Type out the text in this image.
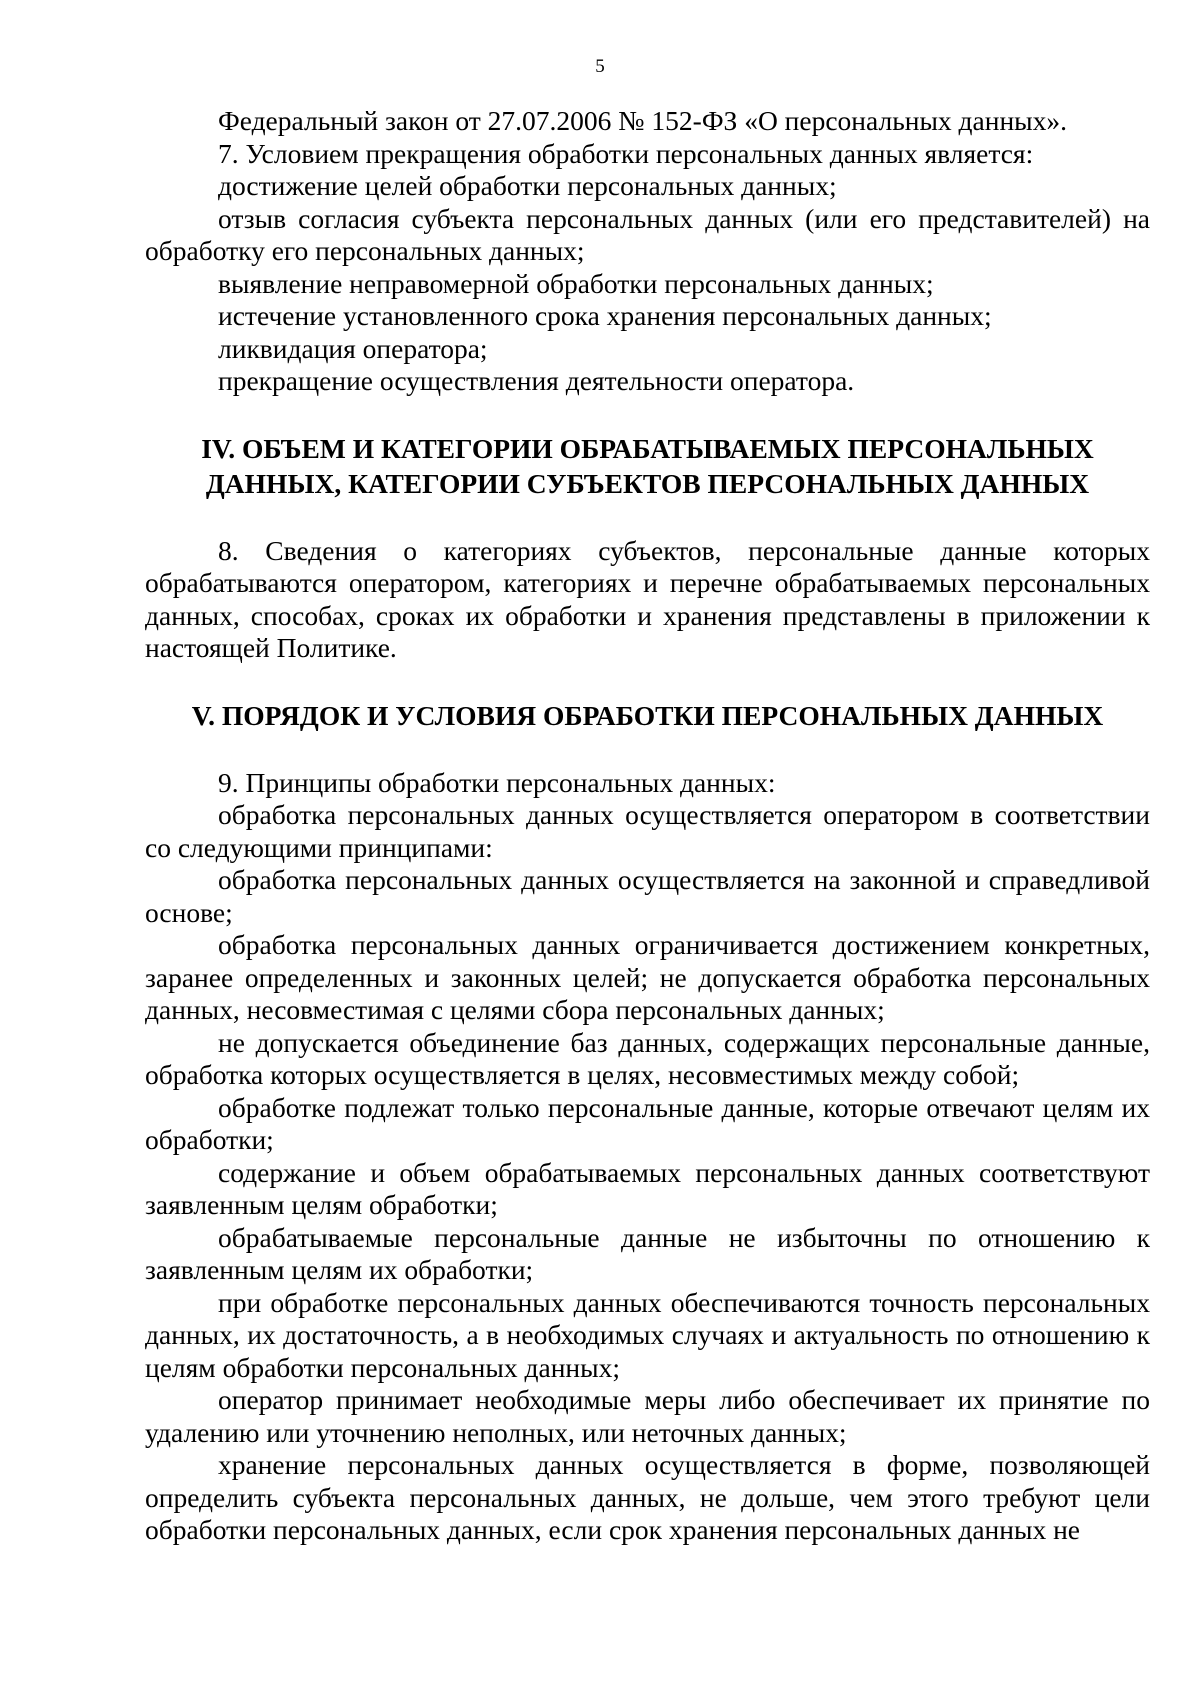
5

Федеральный закон от 27.07.2006 № 152-ФЗ «О персональных данных».

7. Условием прекращения обработки персональных данных является:

достижение целей обработки персональных данных;

отзыв согласия субъекта персональных данных (или его представителей) на обработку его персональных данных;

выявление неправомерной обработки персональных данных;

истечение установленного срока хранения персональных данных;

ликвидация оператора;

прекращение осуществления деятельности оператора.

IV. ОБЪЕМ И КАТЕГОРИИ ОБРАБАТЫВАЕМЫХ ПЕРСОНАЛЬНЫХ ДАННЫХ, КАТЕГОРИИ СУБЪЕКТОВ ПЕРСОНАЛЬНЫХ ДАННЫХ

8. Сведения о категориях субъектов, персональные данные которых обрабатываются оператором, категориях и перечне обрабатываемых персональных данных, способах, сроках их обработки и хранения представлены в приложении к настоящей Политике.

V. ПОРЯДОК И УСЛОВИЯ ОБРАБОТКИ ПЕРСОНАЛЬНЫХ ДАННЫХ

9. Принципы обработки персональных данных:

обработка персональных данных осуществляется оператором в соответствии со следующими принципами:

обработка персональных данных осуществляется на законной и справедливой основе;

обработка персональных данных ограничивается достижением конкретных, заранее определенных и законных целей; не допускается обработка персональных данных, несовместимая с целями сбора персональных данных;

не допускается объединение баз данных, содержащих персональные данные, обработка которых осуществляется в целях, несовместимых между собой;

обработке подлежат только персональные данные, которые отвечают целям их обработки;

содержание и объем обрабатываемых персональных данных соответствуют заявленным целям обработки;

обрабатываемые персональные данные не избыточны по отношению к заявленным целям их обработки;

при обработке персональных данных обеспечиваются точность персональных данных, их достаточность, а в необходимых случаях и актуальность по отношению к целям обработки персональных данных;

оператор принимает необходимые меры либо обеспечивает их принятие по удалению или уточнению неполных, или неточных данных;

хранение персональных данных осуществляется в форме, позволяющей определить субъекта персональных данных, не дольше, чем этого требуют цели обработки персональных данных, если срок хранения персональных данных не
